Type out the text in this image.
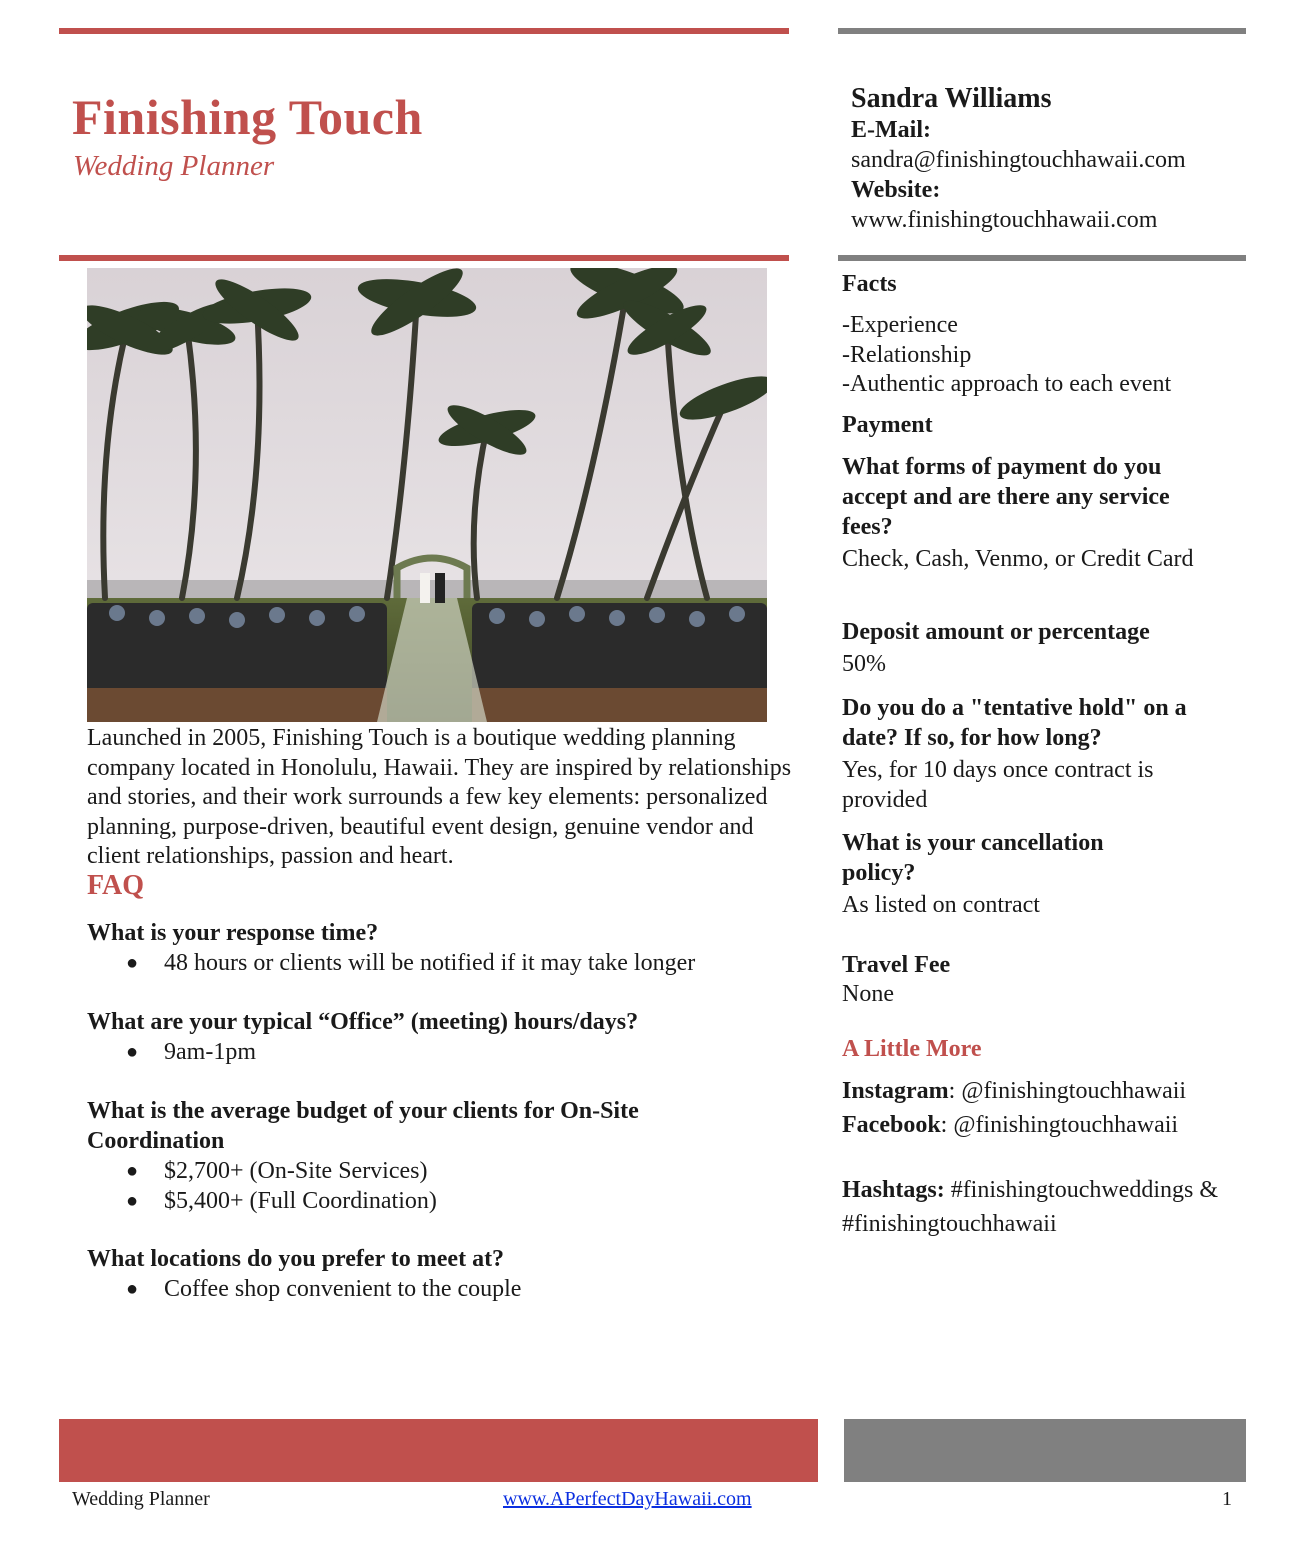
Finishing Touch
Wedding Planner
Sandra Williams
E-Mail:
sandra@finishingtouchhawaii.com
Website:
www.finishingtouchhawaii.com
Launched in 2005, Finishing Touch is a boutique wedding planning company located in Honolulu, Hawaii. They are inspired by relationships and stories, and their work surrounds a few key elements: personalized planning, purpose-driven, beautiful event design, genuine vendor and client relationships, passion and heart.
FAQ
What is your response time?
● 48 hours or clients will be notified if it may take longer
What are your typical “Office” (meeting) hours/days?
● 9am-1pm
What is the average budget of your clients for On-Site Coordination
● $2,700+ (On-Site Services)
● $5,400+ (Full Coordination)
What locations do you prefer to meet at?
● Coffee shop convenient to the couple
Facts
-Experience
-Relationship
-Authentic approach to each event
Payment
What forms of payment do you accept and are there any service fees?
Check, Cash, Venmo, or Credit Card
Deposit amount or percentage
50%
Do you do a "tentative hold" on a date? If so, for how long?
Yes, for 10 days once contract is provided
What is your cancellation policy?
As listed on contract
Travel Fee
None
A Little More
Instagram: @finishingtouchhawaii
Facebook: @finishingtouchhawaii
Hashtags: #finishingtouchweddings & #finishingtouchhawaii
Wedding Planner	www.APerfectDayHawaii.com	1
